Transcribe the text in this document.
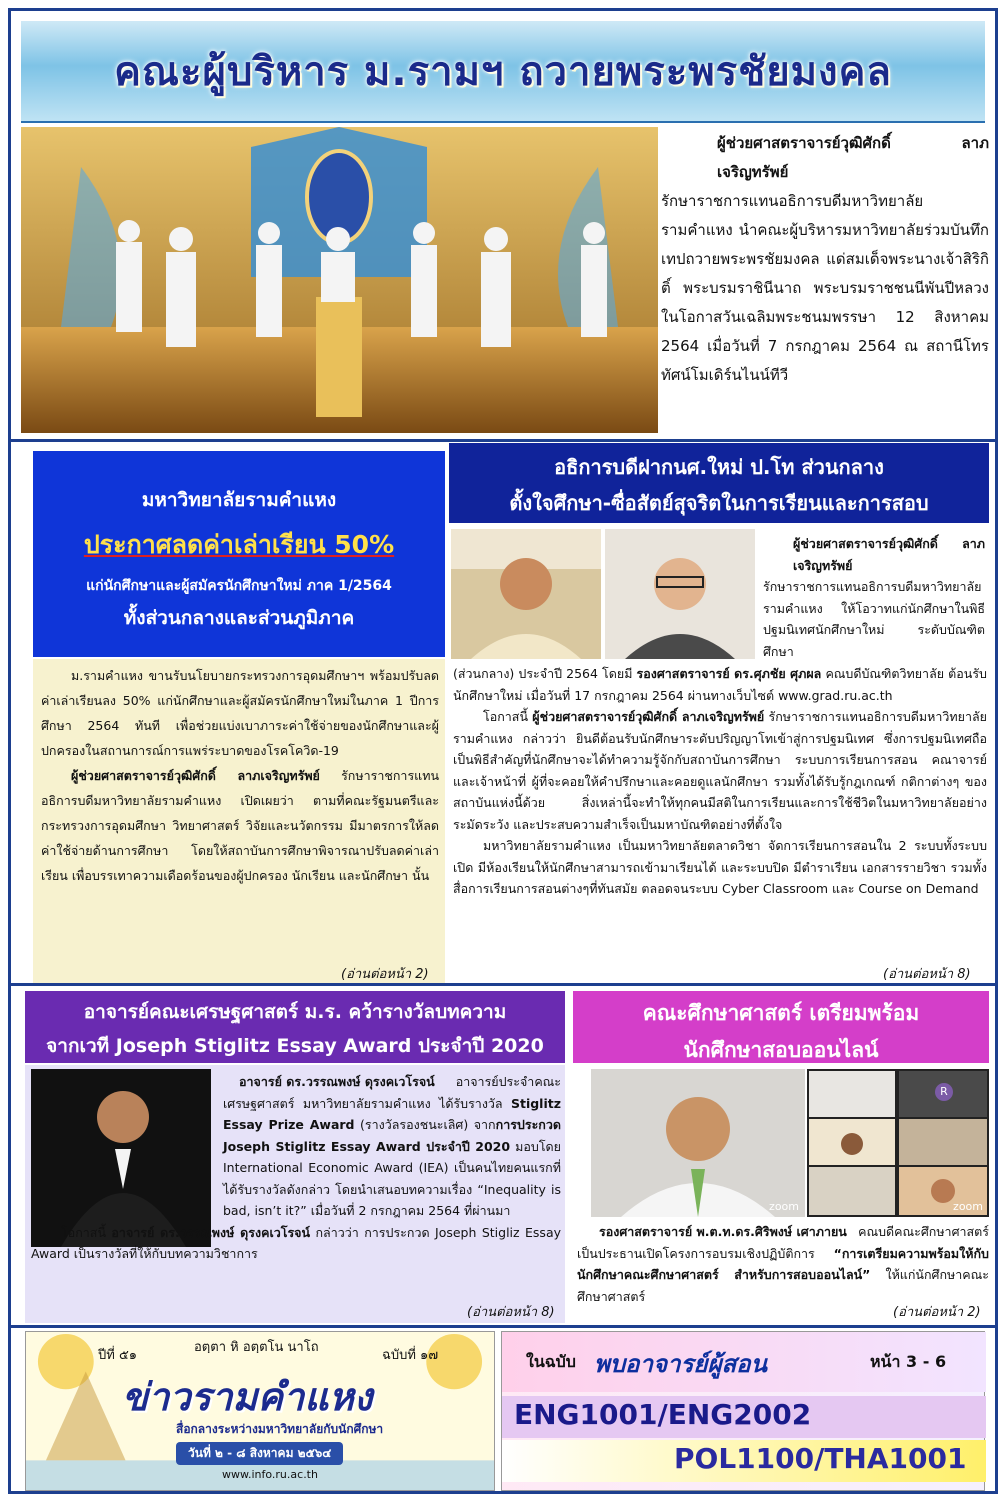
คณะผู้บริหาร ม.รามฯ ถวายพระพรชัยมงคล
ผู้ช่วยศาสตราจารย์วุฒิศักดิ์ ลาภเจริญทรัพย์ รักษาราชการแทนอธิการบดีมหาวิทยาลัยรามคำแหง นำคณะผู้บริหารมหาวิทยาลัยร่วมบันทึกเทปถวายพระพรชัยมงคล แด่สมเด็จพระนางเจ้าสิริกิติ์ พระบรมราชินีนาถ พระบรมราชชนนีพันปีหลวง ในโอกาสวันเฉลิมพระชนมพรรษา 12 สิงหาคม 2564 เมื่อวันที่ 7 กรกฎาคม 2564 ณ สถานีโทรทัศน์โมเดิร์นไนน์ทีวี
มหาวิทยาลัยรามคำแหง
ประกาศลดค่าเล่าเรียน 50%
แก่นักศึกษาและผู้สมัครนักศึกษาใหม่ ภาค 1/2564
ทั้งส่วนกลางและส่วนภูมิภาค

ม.รามคำแหง ขานรับนโยบายกระทรวงการอุดมศึกษาฯ พร้อมปรับลดค่าเล่าเรียนลง 50% แก่นักศึกษาและผู้สมัครนักศึกษาใหม่ในภาค 1 ปีการศึกษา 2564 ทันที เพื่อช่วยแบ่งเบาภาระค่าใช้จ่ายของนักศึกษาและผู้ปกครองในสถานการณ์การแพร่ระบาดของโรคโควิด-19

ผู้ช่วยศาสตราจารย์วุฒิศักดิ์ ลาภเจริญทรัพย์ รักษาราชการแทนอธิการบดีมหาวิทยาลัยรามคำแหง เปิดเผยว่า ตามที่คณะรัฐมนตรีและกระทรวงการอุดมศึกษา วิทยาศาสตร์ วิจัยและนวัตกรรม มีมาตรการให้ลดค่าใช้จ่ายด้านการศึกษา โดยให้สถาบันการศึกษาพิจารณาปรับลดค่าเล่าเรียน เพื่อบรรเทาความเดือดร้อนของผู้ปกครอง นักเรียน และนักศึกษา นั้น

(อ่านต่อหน้า 2)
อธิการบดีฝากนศ.ใหม่ ป.โท ส่วนกลาง
ตั้งใจศึกษา-ซื่อสัตย์สุจริตในการเรียนและการสอบ
ผู้ช่วยศาสตราจารย์วุฒิศักดิ์ ลาภเจริญทรัพย์ รักษาราชการแทนอธิการบดีมหาวิทยาลัยรามคำแหง ให้โอวาทแก่นักศึกษาในพิธีปฐมนิเทศนักศึกษาใหม่ ระดับบัณฑิตศึกษา

(ส่วนกลาง) ประจำปี 2564 โดยมี รองศาสตราจารย์ ดร.ศุภชัย ศุภผล คณบดีบัณฑิตวิทยาลัย ต้อนรับนักศึกษาใหม่ เมื่อวันที่ 17 กรกฎาคม 2564 ผ่านทางเว็บไซต์ www.grad.ru.ac.th

โอกาสนี้ ผู้ช่วยศาสตราจารย์วุฒิศักดิ์ ลาภเจริญทรัพย์ รักษาราชการแทนอธิการบดีมหาวิทยาลัยรามคำแหง กล่าวว่า ยินดีต้อนรับนักศึกษาระดับปริญญาโทเข้าสู่การปฐมนิเทศ ซึ่งการปฐมนิเทศถือเป็นพิธีสำคัญที่นักศึกษาจะได้ทำความรู้จักกับสถาบันการศึกษา ระบบการเรียนการสอน คณาจารย์ และเจ้าหน้าที่ ผู้ที่จะคอยให้คำปรึกษาและคอยดูแลนักศึกษา รวมทั้งได้รับรู้กฎเกณฑ์ กติกาต่างๆ ของสถาบันแห่งนี้ด้วย สิ่งเหล่านี้จะทำให้ทุกคนมีสติในการเรียนและการใช้ชีวิตในมหาวิทยาลัยอย่างระมัดระวัง และประสบความสำเร็จเป็นมหาบัณฑิตอย่างที่ตั้งใจ

มหาวิทยาลัยรามคำแหง เป็นมหาวิทยาลัยตลาดวิชา จัดการเรียนการสอนใน 2 ระบบทั้งระบบเปิด มีห้องเรียนให้นักศึกษาสามารถเข้ามาเรียนได้ และระบบปิด มีตำราเรียน เอกสารรายวิชา รวมทั้งสื่อการเรียนการสอนต่างๆที่ทันสมัย ตลอดจนระบบ Cyber Classroom และ Course on Demand

(อ่านต่อหน้า 8)
อาจารย์คณะเศรษฐศาสตร์ ม.ร. คว้ารางวัลบทความ
จากเวที Joseph Stiglitz Essay Award ประจำปี 2020

อาจารย์ ดร.วรรณพงษ์ ดุรงคเวโรจน์ อาจารย์ประจำคณะเศรษฐศาสตร์ มหาวิทยาลัยรามคำแหง ได้รับรางวัล Stiglitz Essay Prize Award (รางวัลรองชนะเลิศ) จากการประกวด Joseph Stiglitz Essay Award ประจำปี 2020 มอบโดย International Economic Award (IEA) เป็นคนไทยคนแรกที่ได้รับรางวัลดังกล่าว โดยนำเสนอบทความเรื่อง “Inequality is bad, isn’t it?” เมื่อวันที่ 2 กรกฎาคม 2564 ที่ผ่านมา

โอกาสนี้ อาจารย์ ดร.วรรณพงษ์ ดุรงคเวโรจน์ กล่าวว่า การประกวด Joseph Stigliz Essay Award เป็นรางวัลที่ให้กับบทความวิชาการ

(อ่านต่อหน้า 8)
คณะศึกษาศาสตร์ เตรียมพร้อม
นักศึกษาสอบออนไลน์
zoom
R
zoom
รองศาสตราจารย์ พ.ต.ท.ดร.ศิริพงษ์ เศาภายน คณบดีคณะศึกษาศาสตร์ เป็นประธานเปิดโครงการอบรมเชิงปฏิบัติการ “การเตรียมความพร้อมให้กับนักศึกษาคณะศึกษาศาสตร์ สำหรับการสอบออนไลน์” ให้แก่นักศึกษาคณะศึกษาศาสตร์
(อ่านต่อหน้า 2)
ปีที่ ๕๑
อตฺตา หิ อตฺตโน นาโถ
ฉบับที่ ๑๗
ข่าวรามคำแหง
สื่อกลางระหว่างมหาวิทยาลัยกับนักศึกษา
วันที่ ๒ - ๘ สิงหาคม ๒๕๖๔
www.info.ru.ac.th
ในฉบับ พบอาจารย์ผู้สอน	หน้า 3 - 6
ENG1001/ENG2002
POL1100/THA1001
